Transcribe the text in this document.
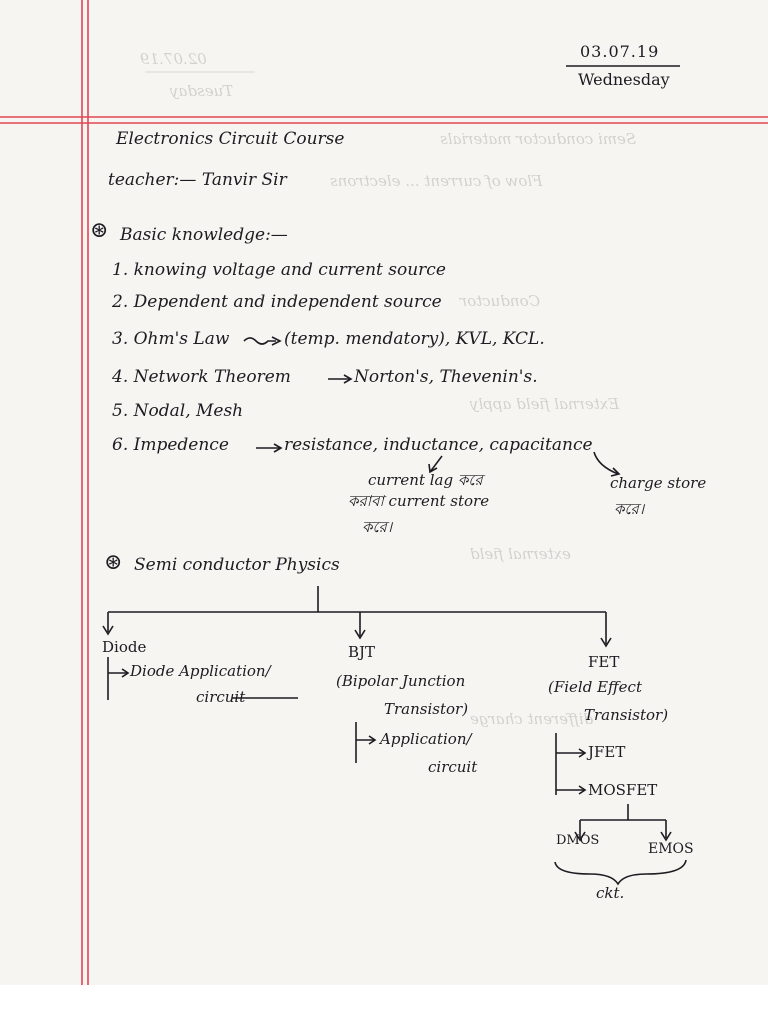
Semi conductor materials
Flow of current ... electrons
Conductor
External field apply
external field
different charge
02.07.19
Tuesday
03.07.19
Wednesday
Electronics Circuit Course
teacher:— Tanvir Sir
⊛ Basic knowledge:—
1. knowing voltage and current source
2. Dependent and independent source
3. Ohm's Law	(temp. mendatory), KVL, KCL.
4. Network Theorem	Norton's, Thevenin's.
5. Nodal, Mesh
6. Impedence	resistance, inductance, capacitance
current lag করে
করাবা current store
করে।
charge store
করে।
⊛ Semi conductor Physics
Diode
Diode Application/
circuit
BJT
(Bipolar Junction
Transistor)
Application/
circuit
FET
(Field Effect
Transistor)
JFET
MOSFET
DMOS
EMOS
ckt.
